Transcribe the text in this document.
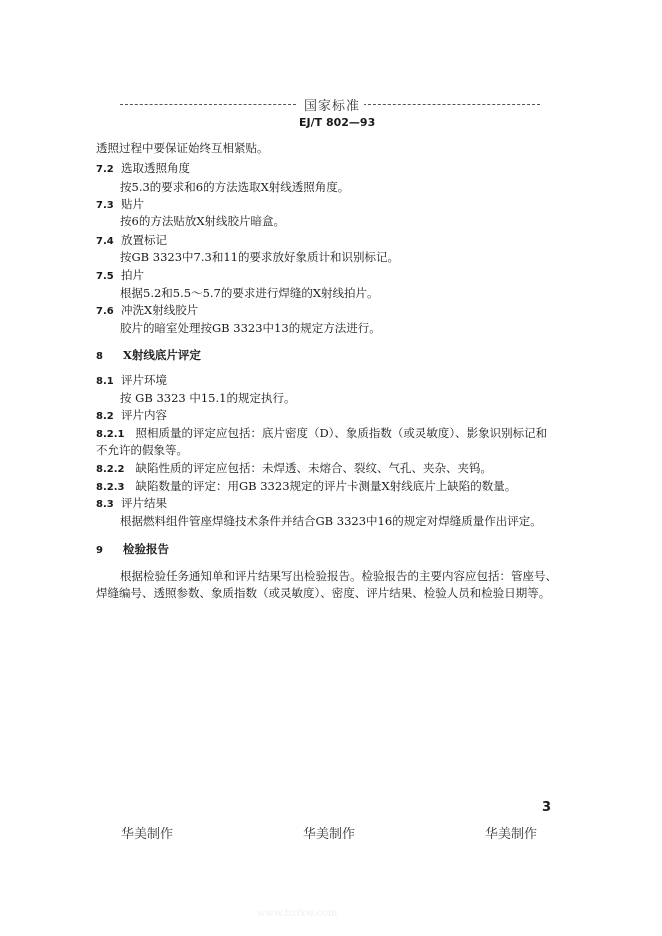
国家标准
EJ/T 802—93
透照过程中要保证始终互相紧贴。
7.2 选取透照角度
按5.3的要求和6的方法选取X射线透照角度。
7.3 贴片
按6的方法贴放X射线胶片暗盒。
7.4 放置标记
按GB 3323中7.3和11的要求放好象质计和识别标记。
7.5 拍片
根据5.2和5.5～5.7的要求进行焊缝的X射线拍片。
7.6 冲洗X射线胶片
胶片的暗室处理按GB 3323中13的规定方法进行。
8 X射线底片评定
8.1 评片环境
按 GB 3323 中15.1的规定执行。
8.2 评片内容
8.2.1 照相质量的评定应包括：底片密度（D）、象质指数（或灵敏度）、影象识别标记和
不允许的假象等。
8.2.2 缺陷性质的评定应包括：未焊透、未熔合、裂纹、气孔、夹杂、夹钨。
8.2.3 缺陷数量的评定：用GB 3323规定的评片卡测量X射线底片上缺陷的数量。
8.3 评片结果
根据燃料组件管座焊缝技术条件并结合GB 3323中16的规定对焊缝质量作出评定。
9 检验报告
根据检验任务通知单和评片结果写出检验报告。检验报告的主要内容应包括：管座号、
焊缝编号、透照参数、象质指数（或灵敏度）、密度、评片结果、检验人员和检验日期等。
3
华美制作	华美制作	华美制作
www.bzfxw.com
